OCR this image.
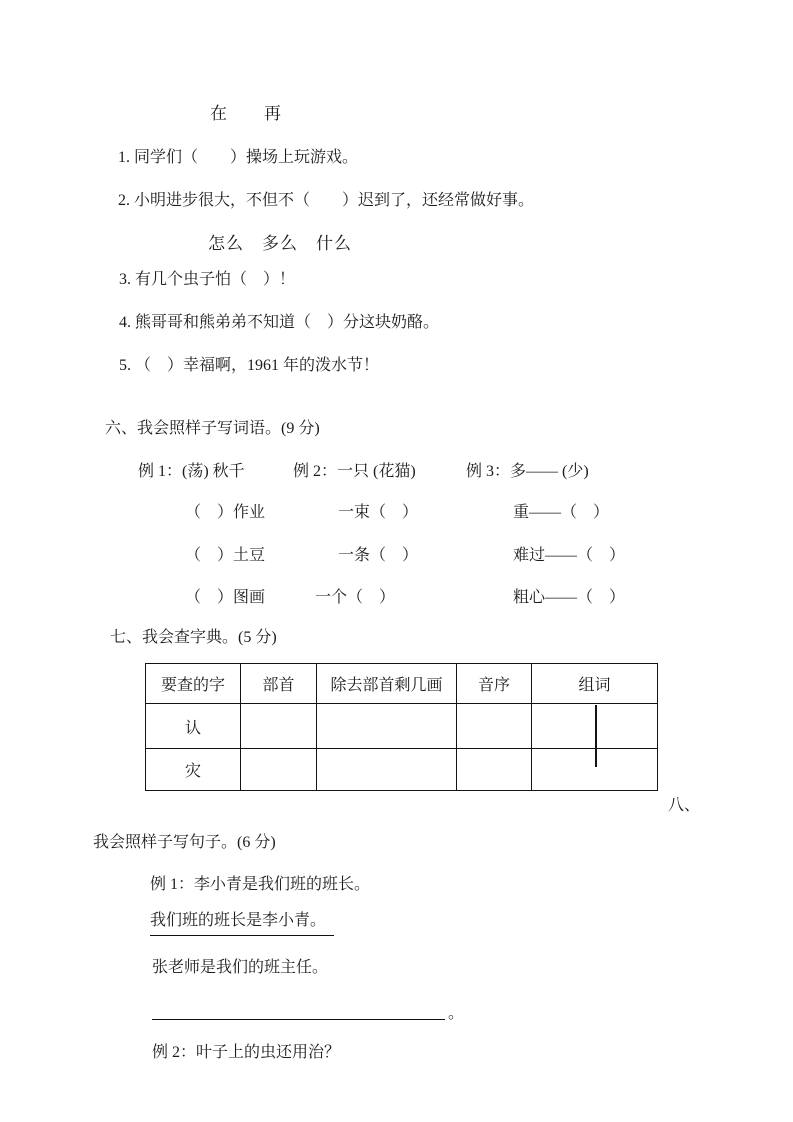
在　　再
1. 同学们（　　）操场上玩游戏。
2. 小明进步很大，不但不（　　）迟到了，还经常做好事。
怎么　多么　什么
3. 有几个虫子怕（　）！
4. 熊哥哥和熊弟弟不知道（　）分这块奶酪。
5. （　）幸福啊，1961 年的泼水节！
六、我会照样子写词语。(9 分)
例 1：(荡) 秋千	例 2：一只 (花猫)	例 3：多—— (少)
（　）作业	一束（　）	重——（　）
（　）土豆	一条（　）	难过——（　）
（　）图画	一个（　）	粗心——（　）
七、我会查字典。(5 分)
要查的字	部首	除去部首剩几画	音序	组词
认				
灾				
八、
我会照样子写句子。(6 分)
例 1：李小青是我们班的班长。
我们班的班长是李小青。
张老师是我们的班主任。
。
例 2：叶子上的虫还用治？
